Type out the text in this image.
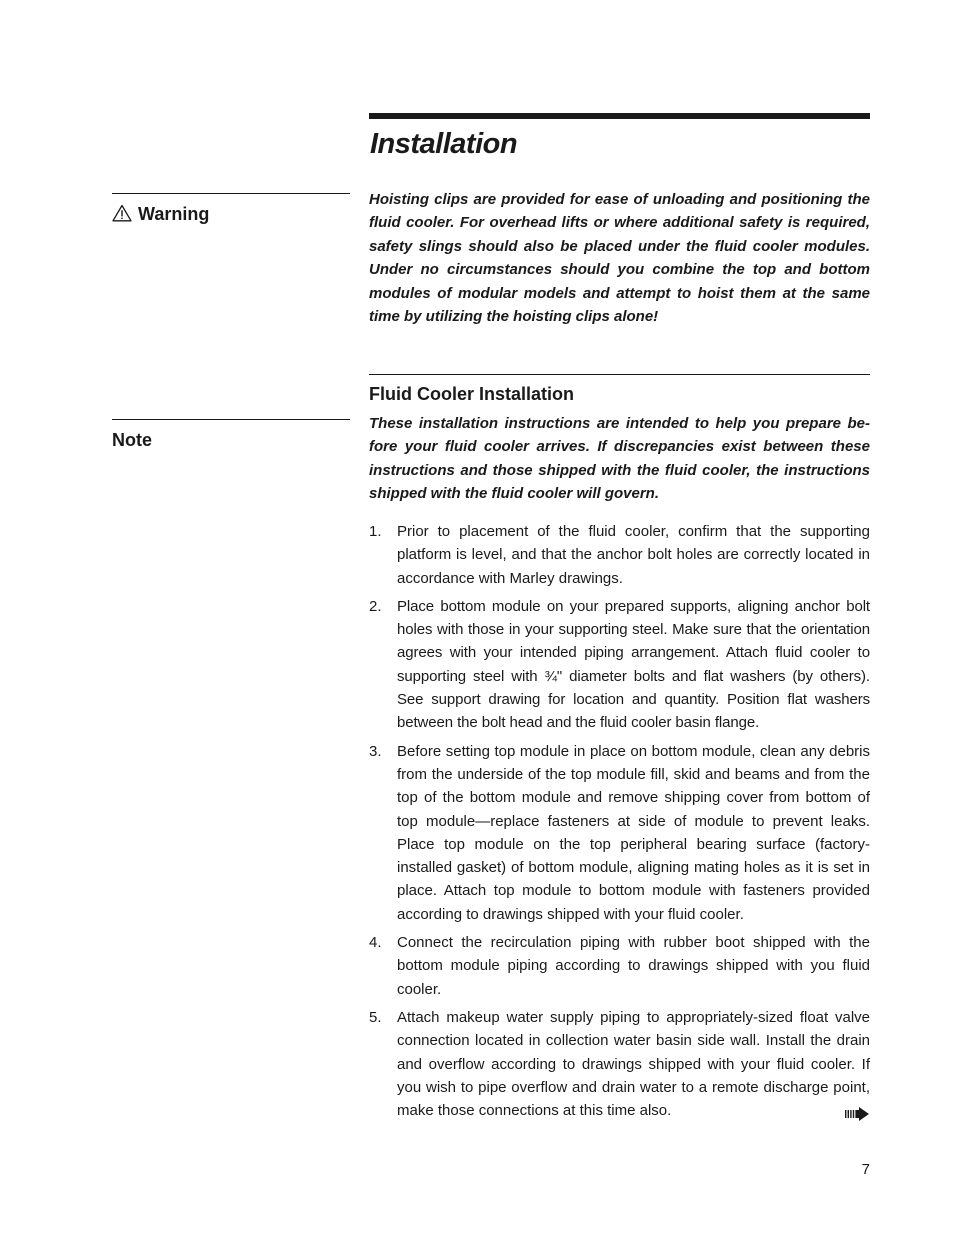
Installation
Warning

Hoisting clips are provided for ease of unloading and positioning the fluid cooler. For overhead lifts or where additional safety is required, safety slings should also be placed under the fluid cooler modules. Under no circumstances should you combine the top and bottom modules of modular models and attempt to hoist them at the same time by utilizing the hoisting clips alone!

Fluid Cooler Installation
Note

These installation instructions are intended to help you prepare before your fluid cooler arrives. If discrepancies exist between these instructions and those shipped with the fluid cooler, the instructions shipped with the fluid cooler will govern.

1.	Prior to placement of the fluid cooler, confirm that the supporting platform is level, and that the anchor bolt holes are correctly located in accordance with Marley drawings.
2.	Place bottom module on your prepared supports, aligning anchor bolt holes with those in your supporting steel. Make sure that the orientation agrees with your intended piping arrangement. Attach fluid cooler to supporting steel with ¾" diameter bolts and flat washers (by others). See support drawing for location and quantity. Position flat washers between the bolt head and the fluid cooler basin flange.
3.	Before setting top module in place on bottom module, clean any debris from the underside of the top module fill, skid and beams and from the top of the bottom module and remove shipping cover from bottom of top module—replace fasteners at side of module to prevent leaks. Place top module on the top peripheral bearing surface (factory-installed gasket) of bottom module, aligning mating holes as it is set in place. Attach top module to bottom module with fasteners provided according to drawings shipped with your fluid cooler.
4.	Connect the recirculation piping with rubber boot shipped with the bottom module piping according to drawings shipped with you fluid cooler.
5.	Attach makeup water supply piping to appropriately-sized float valve connection located in collection water basin side wall. Install the drain and overflow according to drawings shipped with your fluid cooler. If you wish to pipe overflow and drain water to a remote discharge point, make those connections at this time also.
7
